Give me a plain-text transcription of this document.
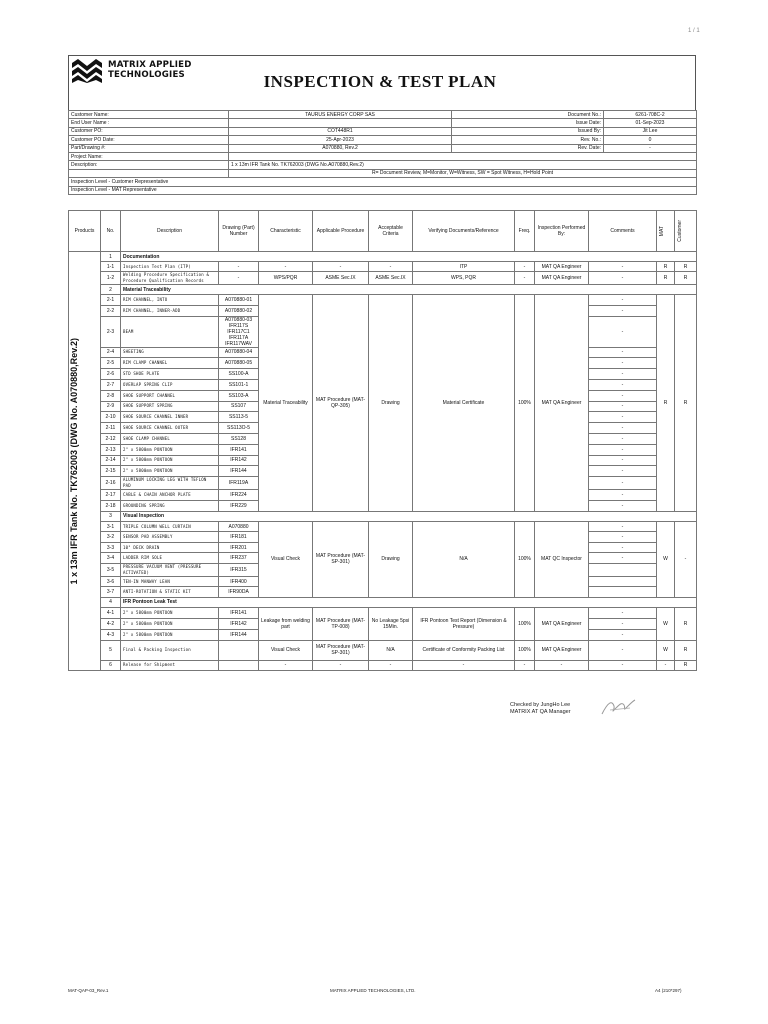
1 / 1
MATRIX APPLIED
TECHNOLOGIES	INSPECTION & TEST PLAN
Customer Name:	TAURUS ENERGY CORP SAS	Document No.:	6261-708C-2
End User Name :		Issue Date:	01-Sep-2023
Customer PO:	COT448R1	Issued By:	Jit Lee
Customer PO Date:	25-Apr-2023	Rev. No.:	0
Part/Drawing #:	A070880, Rev.2	Rev. Date:	-
Project Name:			
Description:	1 x 13m IFR Tank No. TK762003 (DWG No.A070880,Rev.2)		
	R= Document Review, M=Monitor, W=Witness, SW = Spot Witness, H=Hold Point		
Inspection Level - Customer Representative			
Inspection Level - MAT Representative			
Products	No.	Description	Drawing (Part) Number	Characteristic	Applicable Procedure	Acceptable Criteria	Verifying Documents/Reference	Freq.	Inspection Performed By:	Comments	MAT	Customer

1 x 13m IFR Tank No. TK762003 (DWG No. A070880,Rev.2)	1	Documentation										
	1-1	Inspection Test Plan (ITP)	-	-	-	-	ITP	-	MAT QA Engineer	-	R	R
	1-2	Welding Procedure Specification & Procedure Qualification Records	-	WPS/PQR	ASME Sec.IX	ASME Sec.IX	WPS, PQR	-	MAT QA Engineer	-	R	R
	2	Material Traceability										
	2-1	RIM CHANNEL, INTO	A070880-01	Material Traceability	MAT Procedure (MAT-QP-305)	Drawing	Material Certificate	100%	MAT QA Engineer	-	R	R
	2-2	RIM CHANNEL, INNER-ADD	A070880-02							-		
	2-3	BEAM	A070880-03 IFR117S IFR117C1 IFR117A IFR117WAV							-		
	2-4	SHEETING	A070880-04							-		
	2-5	RIM CLAMP CHANNEL	A070880-05							-		
	2-6	STD SHOE PLATE	SS100-A							-		
	2-7	OVERLAP SPRING CLIP	SS101-1							-		
	2-8	SHOE SUPPORT CHANNEL	SS103-A							-		
	2-9	SHOE SUPPORT SPRING	SS107							-		
	2-10	SHOE SOURCE CHANNEL INNER	SS113-5							-		
	2-11	SHOE SOURCE CHANNEL OUTER	SS113O-5							-		
	2-12	SHOE CLAMP CHANNEL	SS128							-		
	2-13	2" x 5800mm PONTOON	IFR141							-		
	2-14	2" x 5800mm PONTOON	IFR142							-		
	2-15	2" x 5800mm PONTOON	IFR144							-		
	2-16	ALUMINUM LOCKING LEG WITH TEFLON PAD	IFR119A							-		
	2-17	CABLE & CHAIN ANCHOR PLATE	IFR224							-		
	2-18	GROUNDING SPRING	IFR229							-		
	3	Visual Inspection										
	3-1	TRIPLE COLUMN WELL CURTAIN	A070880	Visual Check	MAT Procedure (MAT-SP-301)	Drawing	N/A	100%	MAT QC Inspector	-	W	-
	3-2	SENSOR PAD ASSEMBLY	IFR181							-		
	3-3	10" DECK DRAIN	IFR201							-		
	3-4	LADDER RIM SOLE	IFR237							-		
	3-5	PRESSURE VACUUM VENT (PRESSURE ACTIVATED)	IFR315									
	3-6	TEN-IN MANWAY LEAN	IFR400									
	3-7	ANTI-ROTATION & STATIC KIT	IFR90DA									
	4	IFR Pontoon Leak Test										
	4-1	2" x 5800mm PONTOON	IFR141	Leakage from welding part	MAT Procedure (MAT-TP-008)	No Leakage 5psi 15Min.	IFR Pontoon Test Report (Dimension & Pressure)	100%	MAT QA Engineer	-	W	R
	4-2	2" x 5800mm PONTOON	IFR142							-		
	4-3	2" x 5800mm PONTOON	IFR144							-		
	5	Final & Packing Inspection		Visual Check	MAT Procedure (MAT-SP-301)	N/A	Certificate of Conformity Packing List	100%	MAT QA Engineer	-	W	R
	6	Release for Shipment		-	-	-	-	-	-	-	-	R
Checked by JungHo Lee
MATRIX AT QA Manager
MAT-QAP-03_Rev.1	MATRIX APPLIED TECHNOLOGIES, LTD.	A4 (210*297)
